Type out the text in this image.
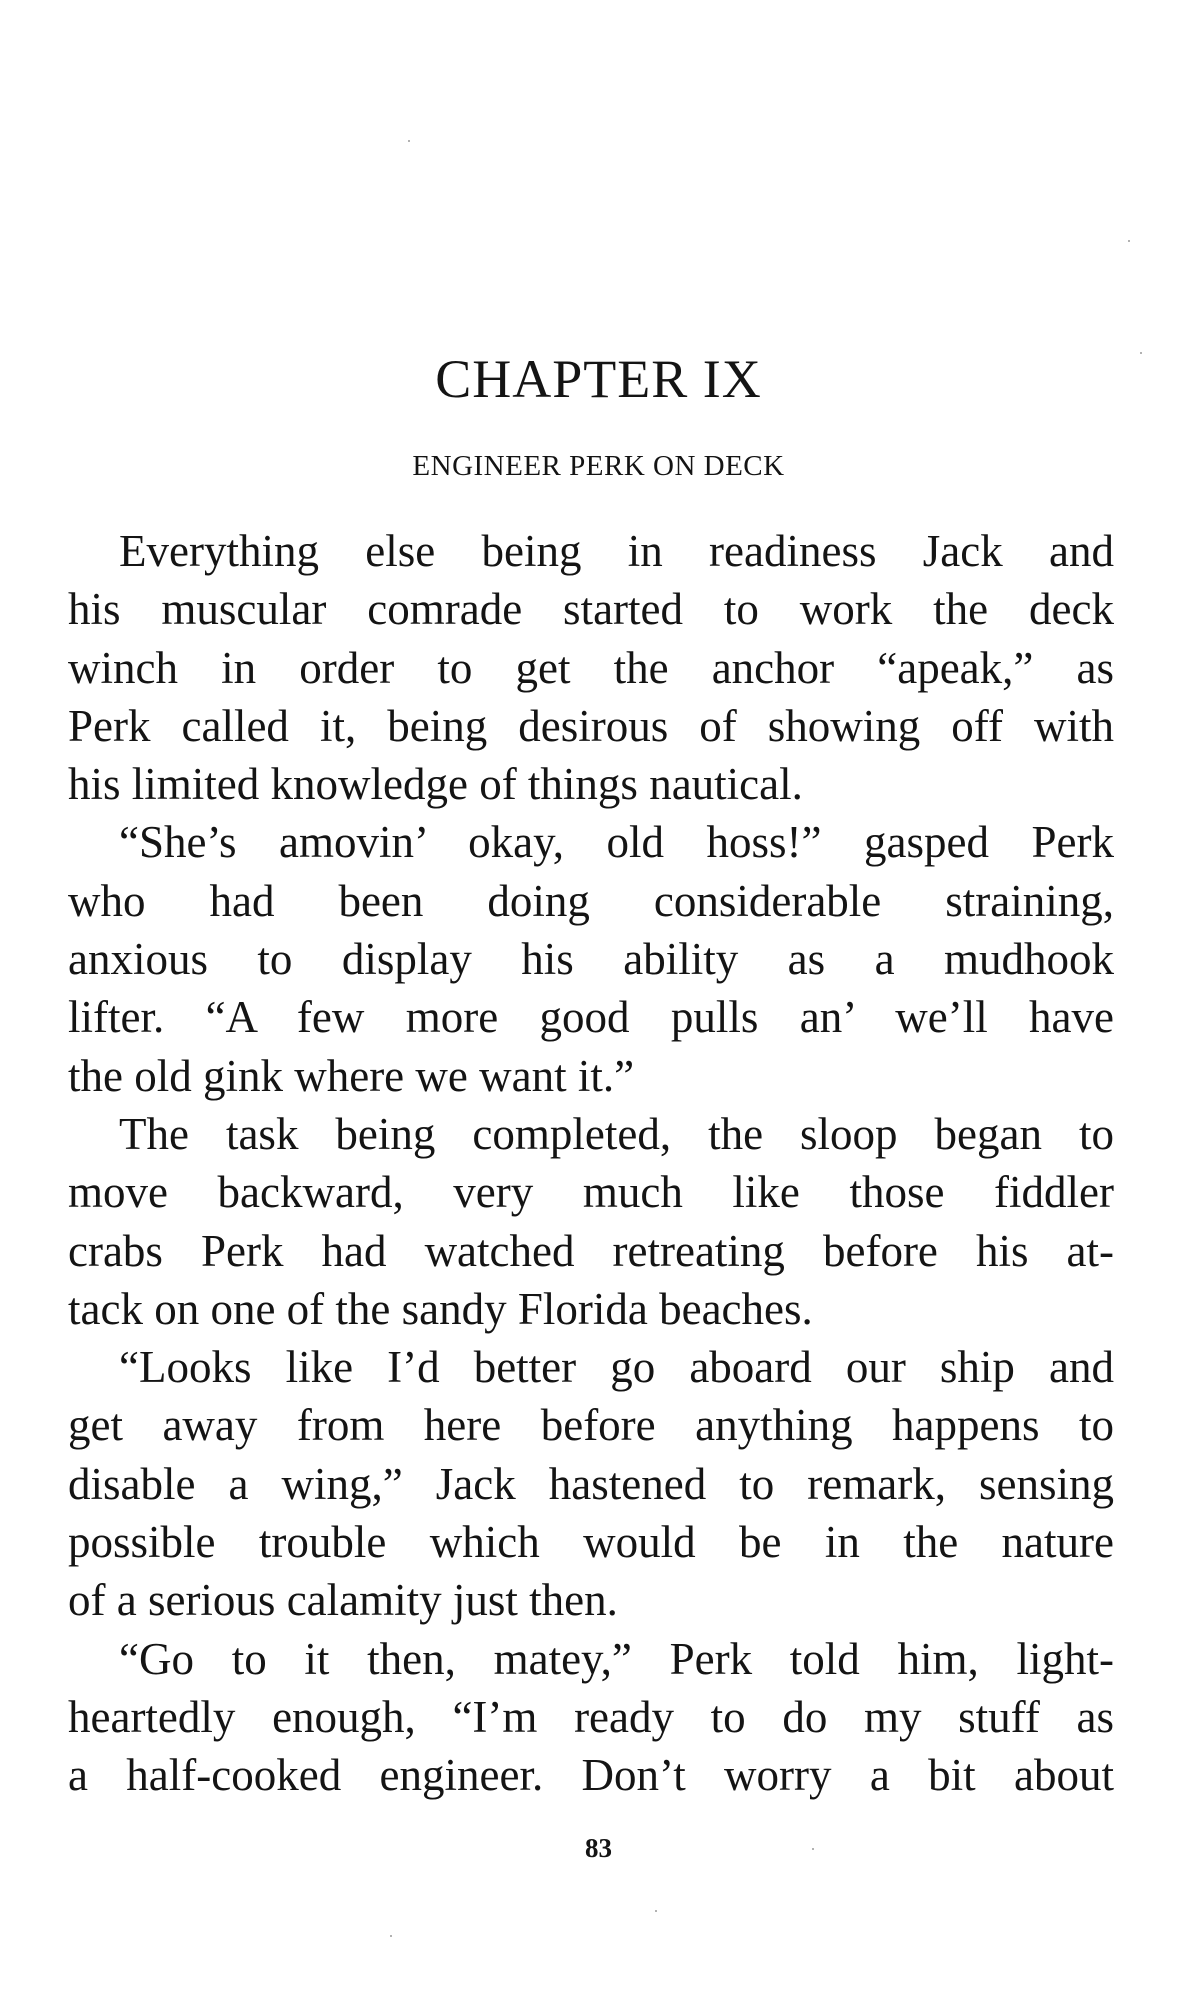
CHAPTER IX
ENGINEER PERK ON DECK
Everything else being in readiness Jack and
his muscular comrade started to work the deck
winch in order to get the anchor “apeak,” as
Perk called it, being desirous of showing off with
his limited knowledge of things nautical.
“She’s amovin’ okay, old hoss!” gasped Perk
who had been doing considerable straining,
anxious to display his ability as a mudhook
lifter. “A few more good pulls an’ we’ll have
the old gink where we want it.”
The task being completed, the sloop began to
move backward, very much like those fiddler
crabs Perk had watched retreating before his at-
tack on one of the sandy Florida beaches.
“Looks like I’d better go aboard our ship and
get away from here before anything happens to
disable a wing,” Jack hastened to remark, sensing
possible trouble which would be in the nature
of a serious calamity just then.
“Go to it then, matey,” Perk told him, light-
heartedly enough, “I’m ready to do my stuff as
a half-cooked engineer. Don’t worry a bit about
83
